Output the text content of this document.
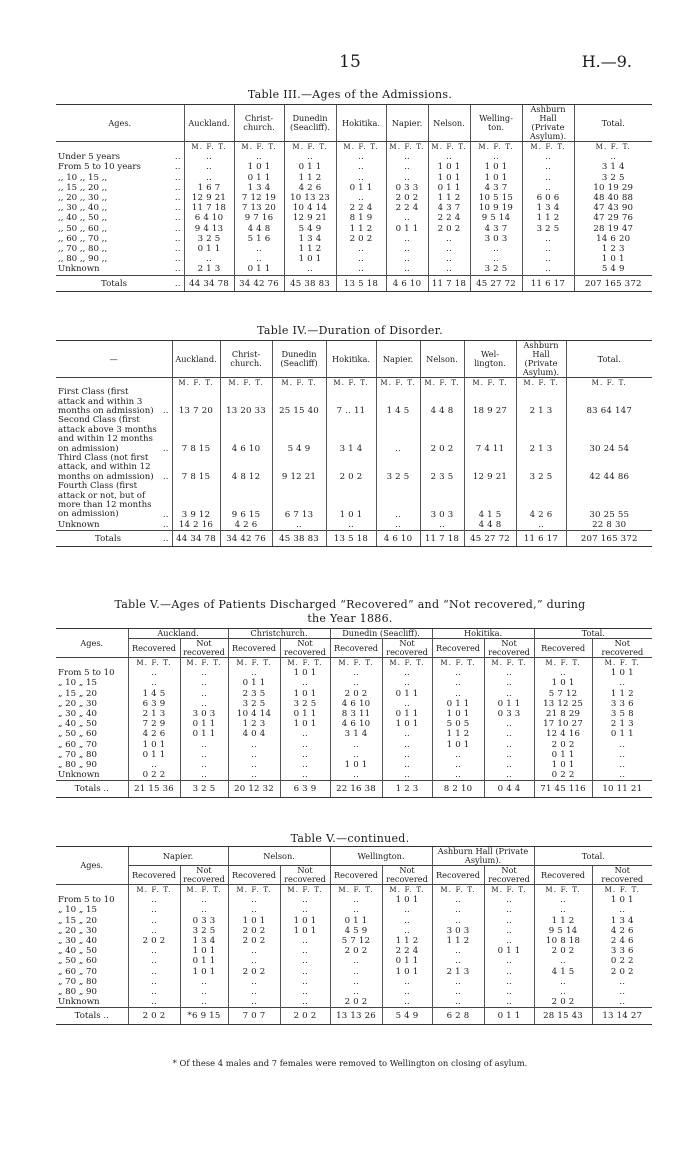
15	H.—9.
Table III.—Ages of the Admissions.
Ages.		Auckland.	Christ-church.	Dunedin (Seacliff).	Hokitika.	Napier.	Nelson.	Welling-ton.	Ashburn Hall (Private Asylum).	Total.
		M. F. T.	M. F. T.	M. F. T.	M. F. T.	M. F. T.	M. F. T.	M. F. T.	M. F. T.	M. F. T.
Under 5 years	..	..	..	..	..	..	..	..	..	..
From 5 to 10 years	..	..	1 0 1	0 1 1	..	..	1 0 1	1 0 1	..	3 1 4
,, 10 ,, 15 ,,	..	..	0 1 1	1 1 2	..	..	1 0 1	1 0 1	..	3 2 5
,, 15 ,, 20 ,,	..	1 6 7	1 3 4	4 2 6	0 1 1	0 3 3	0 1 1	4 3 7	..	10 19 29
,, 20 ,, 30 ,,	..	12 9 21	7 12 19	10 13 23	..	2 0 2	1 1 2	10 5 15	6 0 6	48 40 88
,, 30 ,, 40 ,,	..	11 7 18	7 13 20	10 4 14	2 2 4	2 2 4	4 3 7	10 9 19	1 3 4	47 43 90
,, 40 ,, 50 ,,	..	6 4 10	9 7 16	12 9 21	8 1 9	..	2 2 4	9 5 14	1 1 2	47 29 76
,, 50 ,, 60 ,,	..	9 4 13	4 4 8	5 4 9	1 1 2	0 1 1	2 0 2	4 3 7	3 2 5	28 19 47
,, 60 ,, 70 ,,	..	3 2 5	5 1 6	1 3 4	2 0 2	..	..	3 0 3	..	14 6 20
,, 70 ,, 80 ,,	..	0 1 1	..	1 1 2	..	..	..	..	..	1 2 3
,, 80 ,, 90 ,,	..	..	..	1 0 1	..	..	..	..	..	1 0 1
Unknown	..	2 1 3	0 1 1	..	..	..	..	3 2 5	..	5 4 9
Totals	..	44 34 78	34 42 76	45 38 83	13 5 18	4 6 10	11 7 18	45 27 72	11 6 17	207 165 372
Table IV.—Duration of Disorder.
—		Auckland.	Christ-church.	Dunedin (Seacliff)	Hokitika.	Napier.	Nelson.	Wel-lington.	Ashburn Hall (Private Asylum).	Total.
		M. F. T.	M. F. T.	M. F. T.	M. F. T.	M. F. T.	M. F. T.	M. F. T.	M. F. T.	M. F. T.
First Class (first attack and within 3 months on admission)	..	13 7 20	13 20 33	25 15 40	7 .. 11	1 4 5	4 4 8	18 9 27	2 1 3	83 64 147
Second Class (first attack above 3 months and within 12 months on admission)	..	7 8 15	4 6 10	5 4 9	3 1 4	..	2 0 2	7 4 11	2 1 3	30 24 54
Third Class (not first attack, and within 12 months on admission)	..	7 8 15	4 8 12	9 12 21	2 0 2	3 2 5	2 3 5	12 9 21	3 2 5	42 44 86
Fourth Class (first attack or not, but of more than 12 months on admission)	..	3 9 12	9 6 15	6 7 13	1 0 1	..	3 0 3	4 1 5	4 2 6	30 25 55
Unknown	..	14 2 16	4 2 6	..	..	..	..	4 4 8	..	22 8 30
Totals	..	44 34 78	34 42 76	45 38 83	13 5 18	4 6 10	11 7 18	45 27 72	11 6 17	207 165 372
Table V.—Ages of Patients Discharged “Recovered” and “Not recovered,” during
the Year 1886.
Ages.	Auckland.		Christchurch.		Dunedin (Seacliff).		Hokitika.		Total.	
	Recovered	Not recovered	Recovered	Not recovered	Recovered	Not recovered	Recovered	Not recovered	Recovered	Not recovered
	M. F. T.	M. F. T.	M. F. T.	M. F. T.	M. F. T.	M. F. T.	M. F. T.	M. F. T.	M. F. T.	M. F. T.
From 5 to 10	..	..	..	1 0 1	..	..	..	..	..	1 0 1
„ 10 „ 15	..	..	0 1 1	..	..	..	..	..	1 0 1	..
„ 15 „ 20	1 4 5	..	2 3 5	1 0 1	2 0 2	0 1 1	..	..	5 7 12	1 1 2
„ 20 „ 30	6 3 9	..	3 2 5	3 2 5	4 6 10	..	0 1 1	0 1 1	13 12 25	3 3 6
„ 30 „ 40	2 1 3	3 0 3	10 4 14	0 1 1	8 3 11	0 1 1	1 0 1	0 3 3	21 8 29	3 5 8
„ 40 „ 50	7 2 9	0 1 1	1 2 3	1 0 1	4 6 10	1 0 1	5 0 5	..	17 10 27	2 1 3
„ 50 „ 60	4 2 6	0 1 1	4 0 4	..	3 1 4	..	1 1 2	..	12 4 16	0 1 1
„ 60 „ 70	1 0 1	..	..	..	..	..	1 0 1	..	2 0 2	..
„ 70 „ 80	0 1 1	..	..	..	..	..	..	..	0 1 1	..
„ 80 „ 90	..	..	..	..	1 0 1	..	..	..	1 0 1	..
Unknown	0 2 2	..	..	..	..	..	..	..	0 2 2	..
Totals ..	21 15 36	3 2 5	20 12 32	6 3 9	22 16 38	1 2 3	8 2 10	0 4 4	71 45 116	10 11 21
Table V.—continued.
Ages.	Napier.		Nelson.		Wellington.		Ashburn Hall (Private Asylum).		Total.	
	Recovered	Not recovered	Recovered	Not recovered	Recovered	Not recovered	Recovered	Not recovered	Recovered	Not recovered
	M. F. T.	M. F. T.	M. F. T.	M. F. T.	M. F. T.	M. F. T.	M. F. T.	M. F. T.	M. F. T.	M. F. T.
From 5 to 10	..	..	..	..	..	1 0 1	..	..	..	1 0 1
„ 10 „ 15	..	..	..	..	..	..	..	..	..	..
„ 15 „ 20	..	0 3 3	1 0 1	1 0 1	0 1 1	..	..	..	1 1 2	1 3 4
„ 20 „ 30	..	3 2 5	2 0 2	1 0 1	4 5 9	..	3 0 3	..	9 5 14	4 2 6
„ 30 „ 40	2 0 2	1 3 4	2 0 2	..	5 7 12	1 1 2	1 1 2	..	10 8 18	2 4 6
„ 40 „ 50	..	1 0 1	..	..	2 0 2	2 2 4	..	0 1 1	2 0 2	3 3 6
„ 50 „ 60	..	0 1 1	..	..	..	0 1 1	..	..	..	0 2 2
„ 60 „ 70	..	1 0 1	2 0 2	..	..	1 0 1	2 1 3	..	4 1 5	2 0 2
„ 70 „ 80	..	..	..	..	..	..	..	..	..	..
„ 80 „ 90	..	..	..	..	..	..	..	..	..	..
Unknown	..	..	..	..	2 0 2	..	..	..	2 0 2	..
Totals ..	2 0 2	*6 9 15	7 0 7	2 0 2	13 13 26	5 4 9	6 2 8	0 1 1	28 15 43	13 14 27
* Of these 4 males and 7 females were removed to Wellington on closing of asylum.
